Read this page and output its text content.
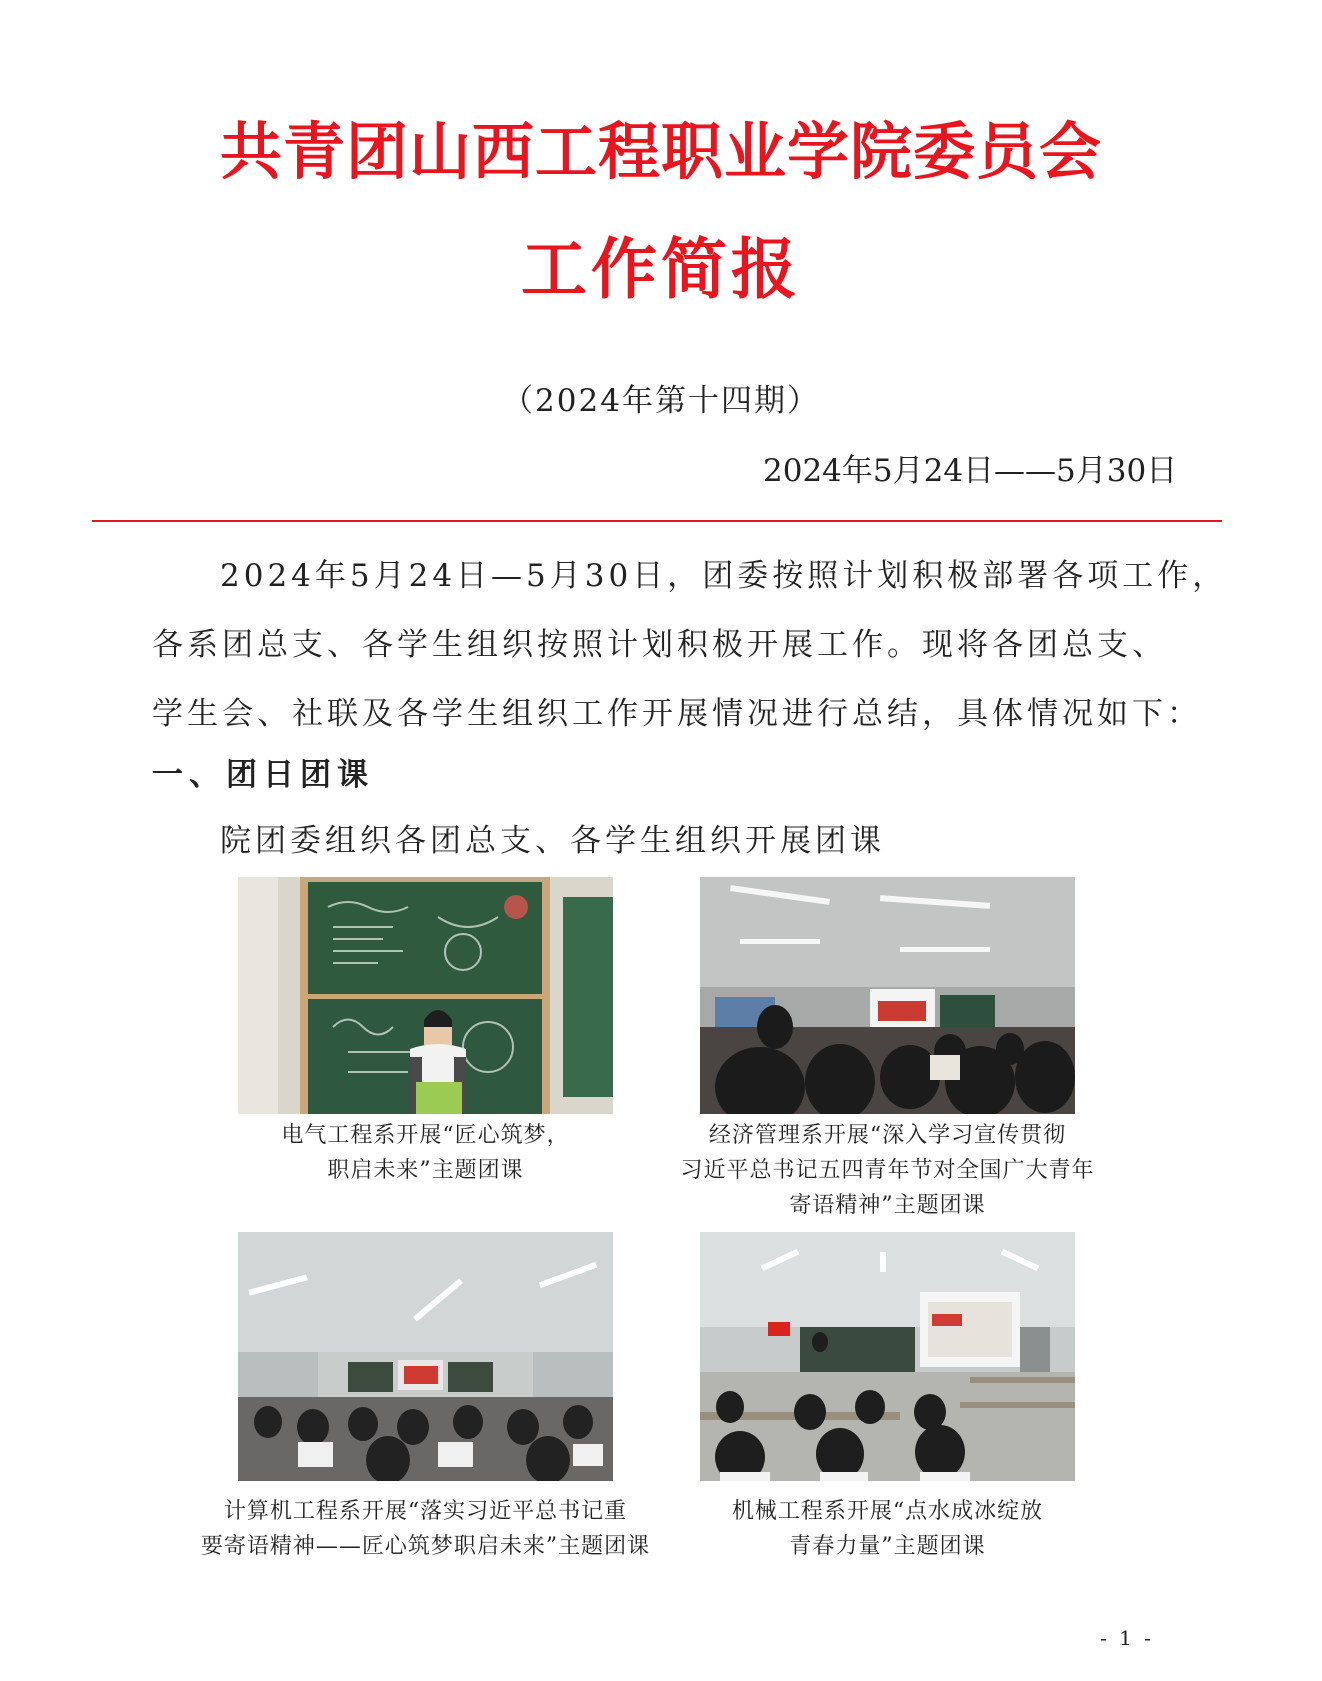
共青团山西工程职业学院委员会
工作简报
（2024年第十四期）
2024年5月24日——5月30日
2024年5月24日—5月30日，团委按照计划积极部署各项工作，
各系团总支、各学生组织按照计划积极开展工作。现将各团总支、
学生会、社联及各学生组织工作开展情况进行总结，具体情况如下：
一、团日团课
院团委组织各团总支、各学生组织开展团课
电气工程系开展“匠心筑梦，
职启未来”主题团课
经济管理系开展“深入学习宣传贯彻
习近平总书记五四青年节对全国广大青年
寄语精神”主题团课
计算机工程系开展“落实习近平总书记重
要寄语精神——匠心筑梦职启未来”主题团课
机械工程系开展“点水成冰绽放
青春力量”主题团课
- 1 -
